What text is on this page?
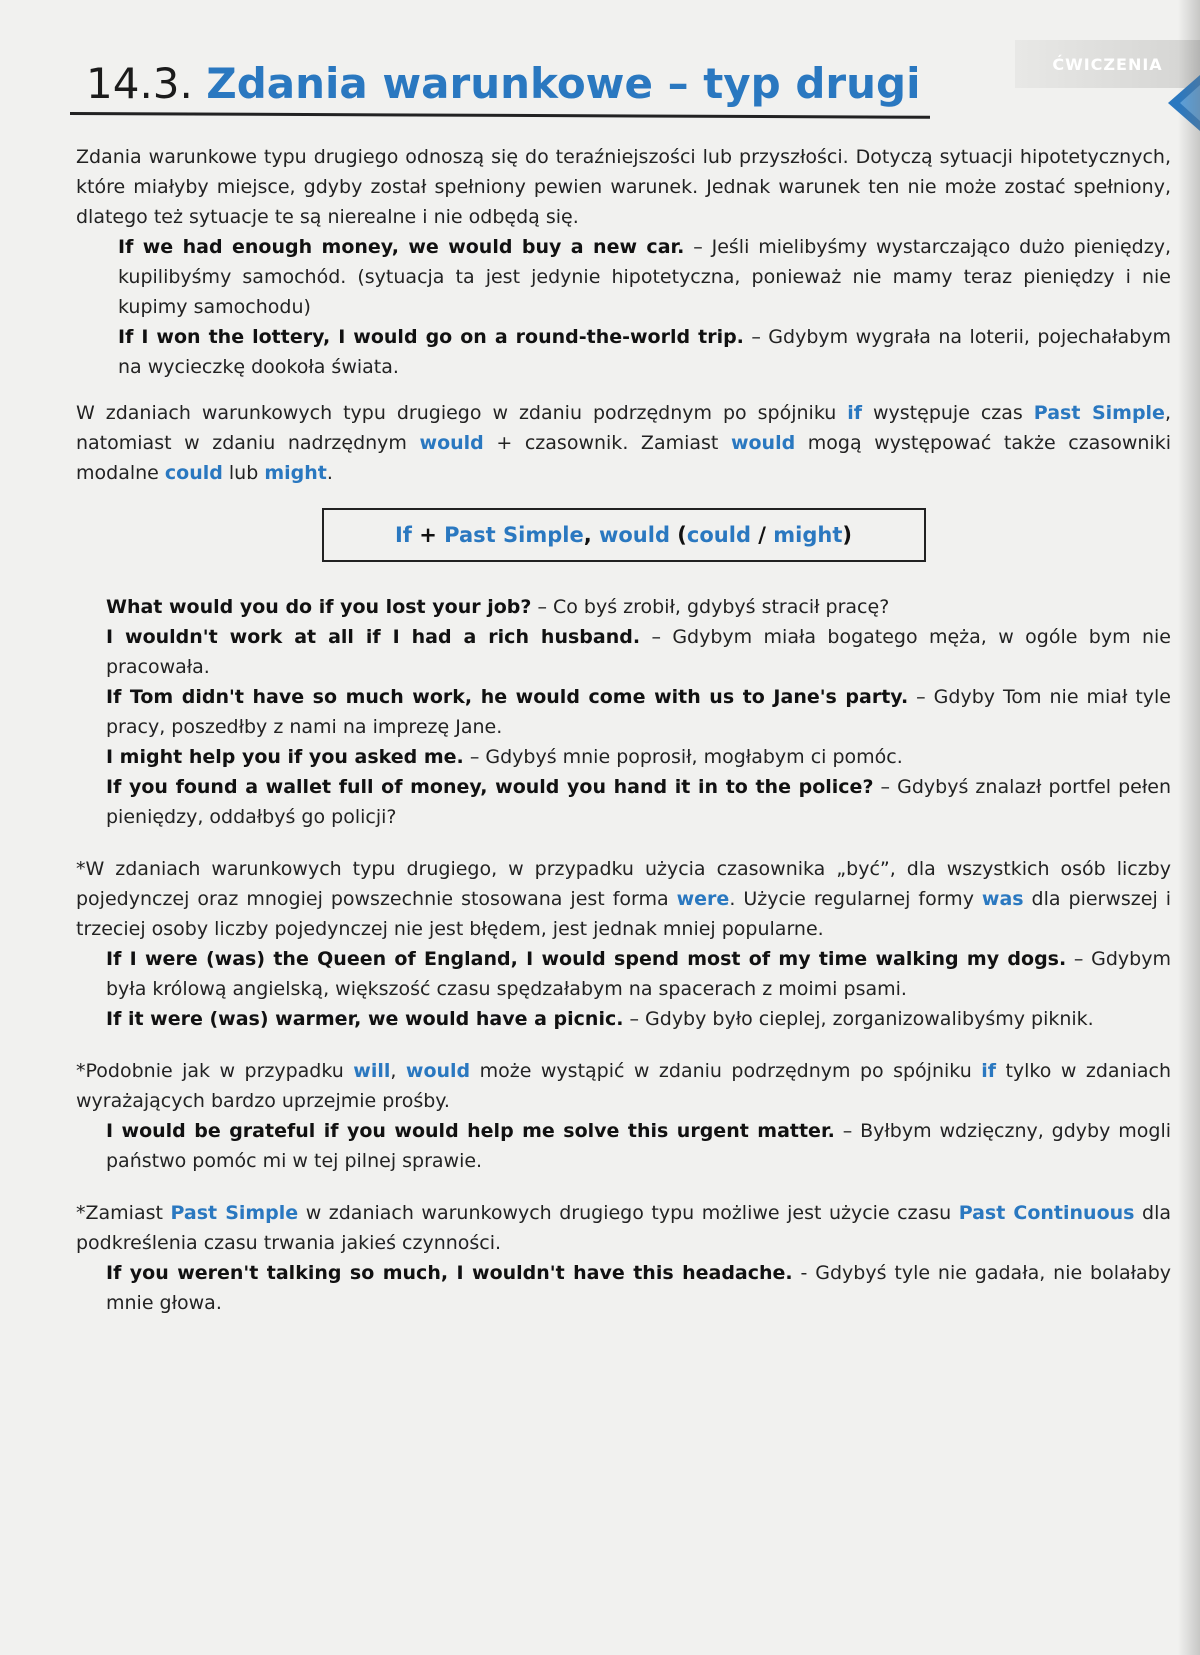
ĆWICZENIA
14.3. Zdania warunkowe – typ drugi

Zdania warunkowe typu drugiego odnoszą się do teraźniejszości lub przyszłości. Dotyczą sytuacji hipotetycznych, które miałyby miejsce, gdyby został spełniony pewien warunek. Jednak warunek ten nie może zostać spełniony, dlatego też sytuacje te są nierealne i nie odbędą się.

If we had enough money, we would buy a new car. – Jeśli mielibyśmy wystarczająco dużo pieniędzy, kupilibyśmy samochód. (sytuacja ta jest jedynie hipotetyczna, ponieważ nie mamy teraz pieniędzy i nie kupimy samochodu)

If I won the lottery, I would go on a round-the-world trip. – Gdybym wygrała na loterii, pojechałabym na wycieczkę dookoła świata.

W zdaniach warunkowych typu drugiego w zdaniu podrzędnym po spójniku if występuje czas Past Simple, natomiast w zdaniu nadrzędnym would + czasownik. Zamiast would mogą występować także czasowniki modalne could lub might.

If + Past Simple, would (could / might)

What would you do if you lost your job? – Co byś zrobił, gdybyś stracił pracę?

I wouldn't work at all if I had a rich husband. – Gdybym miała bogatego męża, w ogóle bym nie pracowała.

If Tom didn't have so much work, he would come with us to Jane's party. – Gdyby Tom nie miał tyle pracy, poszedłby z nami na imprezę Jane.

I might help you if you asked me. – Gdybyś mnie poprosił, mogłabym ci pomóc.

If you found a wallet full of money, would you hand it in to the police? – Gdybyś znalazł portfel pełen pieniędzy, oddałbyś go policji?

*W zdaniach warunkowych typu drugiego, w przypadku użycia czasownika „być”, dla wszystkich osób liczby pojedynczej oraz mnogiej powszechnie stosowana jest forma were. Użycie regularnej formy was dla pierwszej i trzeciej osoby liczby pojedynczej nie jest błędem, jest jednak mniej popularne.

If I were (was) the Queen of England, I would spend most of my time walking my dogs. – Gdybym była królową angielską, większość czasu spędzałabym na spacerach z moimi psami.

If it were (was) warmer, we would have a picnic. – Gdyby było cieplej, zorganizowalibyśmy piknik.

*Podobnie jak w przypadku will, would może wystąpić w zdaniu podrzędnym po spójniku if tylko w zdaniach wyrażających bardzo uprzejmie prośby.

I would be grateful if you would help me solve this urgent matter. – Byłbym wdzięczny, gdyby mogli państwo pomóc mi w tej pilnej sprawie.

*Zamiast Past Simple w zdaniach warunkowych drugiego typu możliwe jest użycie czasu Past Continuous dla podkreślenia czasu trwania jakieś czynności.

If you weren't talking so much, I wouldn't have this headache. - Gdybyś tyle nie gadała, nie bolałaby mnie głowa.
